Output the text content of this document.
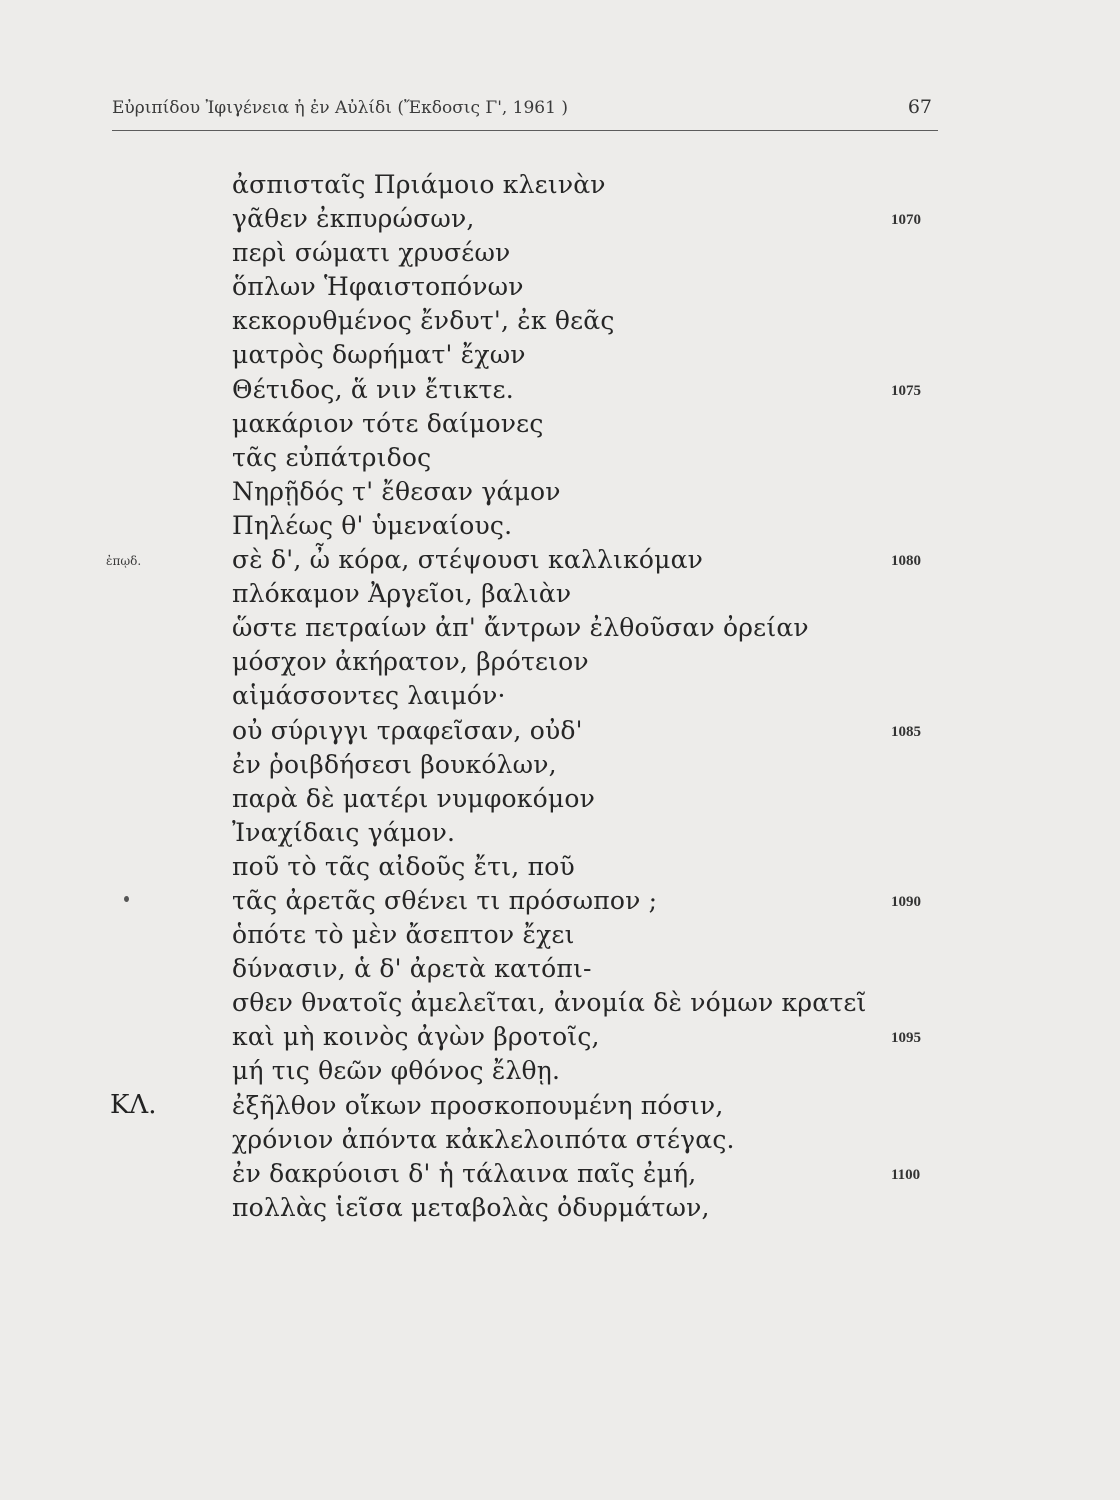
Εὐριπίδου Ἰφιγένεια ἡ ἐν Αὐλίδι (Ἔκδοσις Γ', 1961 )	67
ἀσπισταῖς Πριάμοιο κλεινὰν
γᾶθεν ἐκπυρώσων,	1070
περὶ σώματι χρυσέων
ὅπλων Ἡφαιστοπόνων
κεκορυθμένος ἔνδυτ', ἐκ θεᾶς
ματρὸς δωρήματ' ἔχων
Θέτιδος, ἅ νιν ἔτικτε.	1075
μακάριον τότε δαίμονες
τᾶς εὐπάτριδος
Νηρῇδός τ' ἔθεσαν γάμον
Πηλέως θ' ὑμεναίους.
ἐπῳδ.	σὲ δ', ὦ κόρα, στέψουσι καλλικόμαν	1080
πλόκαμον Ἀργεῖοι, βαλιὰν
ὥστε πετραίων ἀπ' ἄντρων ἐλθοῦσαν ὀρείαν
μόσχον ἀκήρατον, βρότειον
αἱμάσσοντες λαιμόν·
οὐ σύριγγι τραφεῖσαν, οὐδ'	1085
ἐν ῥοιβδήσεσι βουκόλων,
παρὰ δὲ ματέρι νυμφοκόμον
Ἰναχίδαις γάμον.
ποῦ τὸ τᾶς αἰδοῦς ἔτι, ποῦ
τᾶς ἀρετᾶς σθένει τι πρόσωπον ;	1090
ὁπότε τὸ μὲν ἄσεπτον ἔχει
δύνασιν, ἁ δ' ἀρετὰ κατόπι-
σθεν θνατοῖς ἀμελεῖται, ἀνομία δὲ νόμων κρατεῖ
καὶ μὴ κοινὸς ἀγὼν βροτοῖς,	1095
μή τις θεῶν φθόνος ἔλθῃ.
ΚΛ.	ἐξῆλθον οἴκων προσκοπουμένη πόσιν,
χρόνιον ἀπόντα κἀκλελοιπότα στέγας.
ἐν δακρύοισι δ' ἡ τάλαινα παῖς ἐμή,	1100
πολλὰς ἱεῖσα μεταβολὰς ὀδυρμάτων,
